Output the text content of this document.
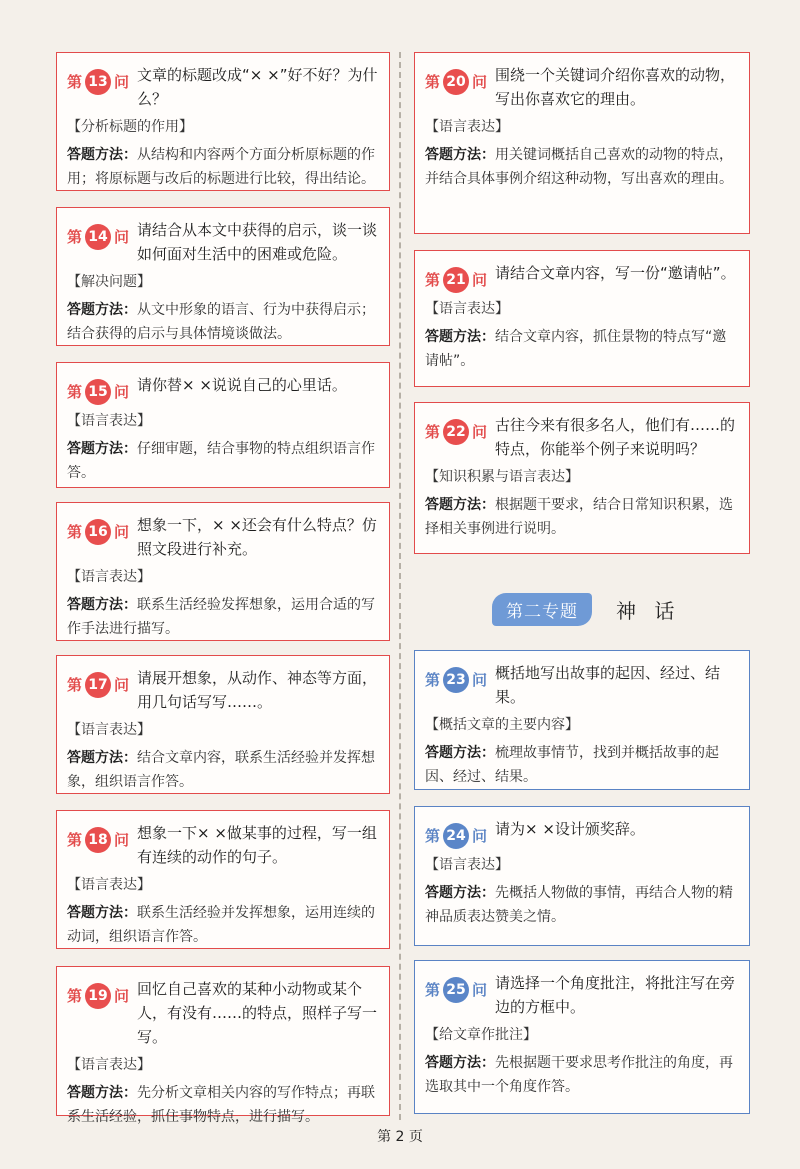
第 13 问 文章的标题改成“× ×”好不好？为什么？
【分析标题的作用】
答题方法：从结构和内容两个方面分析原标题的作用；将原标题与改后的标题进行比较，得出结论。
第 14 问 请结合从本文中获得的启示，谈一谈如何面对生活中的困难或危险。
【解决问题】
答题方法：从文中形象的语言、行为中获得启示；结合获得的启示与具体情境谈做法。
第 15 问 请你替× ×说说自己的心里话。
【语言表达】
答题方法：仔细审题，结合事物的特点组织语言作答。
第 16 问 想象一下，× ×还会有什么特点？仿照文段进行补充。
【语言表达】
答题方法：联系生活经验发挥想象，运用合适的写作手法进行描写。
第 17 问 请展开想象，从动作、神态等方面，用几句话写写……。
【语言表达】
答题方法：结合文章内容，联系生活经验并发挥想象，组织语言作答。
第 18 问 想象一下× ×做某事的过程，写一组有连续的动作的句子。
【语言表达】
答题方法：联系生活经验并发挥想象，运用连续的动词，组织语言作答。
第 19 问 回忆自己喜欢的某种小动物或某个人，有没有……的特点，照样子写一写。
【语言表达】
答题方法：先分析文章相关内容的写作特点；再联系生活经验，抓住事物特点，进行描写。
第 20 问 围绕一个关键词介绍你喜欢的动物，写出你喜欢它的理由。
【语言表达】
答题方法：用关键词概括自己喜欢的动物的特点，并结合具体事例介绍这种动物，写出喜欢的理由。
第 21 问 请结合文章内容，写一份“邀请帖”。
【语言表达】
答题方法：结合文章内容，抓住景物的特点写“邀请帖”。
第 22 问 古往今来有很多名人，他们有……的特点，你能举个例子来说明吗？
【知识积累与语言表达】
答题方法：根据题干要求，结合日常知识积累，选择相关事例进行说明。
第二专题	神 话
第 23 问 概括地写出故事的起因、经过、结果。
【概括文章的主要内容】
答题方法：梳理故事情节，找到并概括故事的起因、经过、结果。
第 24 问 请为× ×设计颁奖辞。
【语言表达】
答题方法：先概括人物做的事情，再结合人物的精神品质表达赞美之情。
第 25 问 请选择一个角度批注，将批注写在旁边的方框中。
【给文章作批注】
答题方法：先根据题干要求思考作批注的角度，再选取其中一个角度作答。
第 2 页
